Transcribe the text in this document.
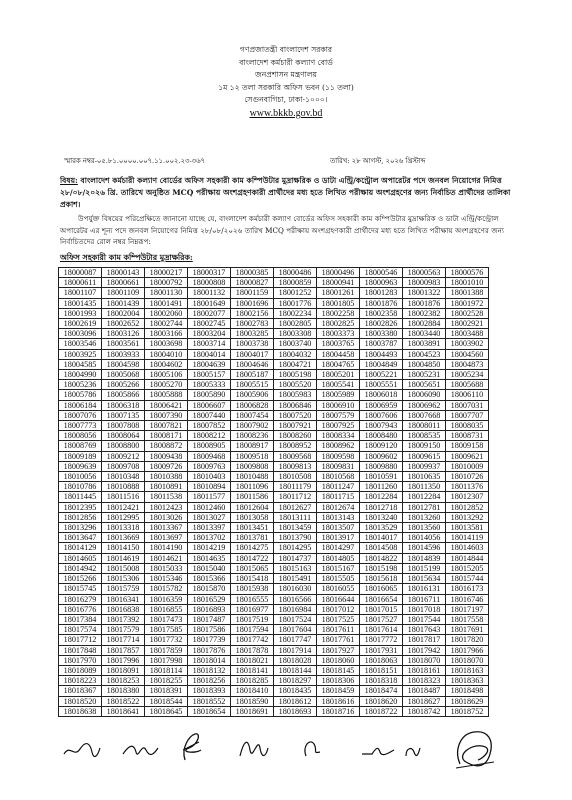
গণপ্রজাতন্ত্রী বাংলাদেশ সরকার
বাংলাদেশ কর্মচারী কল্যাণ বোর্ড
জনপ্রশাসন মন্ত্রণালয়
১ম ১২ তলা সরকারি অফিস ভবন (১১ তলা)
সেগুনবাগিচা, ঢাকা-১০০০।
www.bkkb.gov.bd
স্মারক নম্বর-০৫.৮১.০০০০.০০৭.১১.০০২.২৩-৩৬৭	তারিখ: ২৮ আগস্ট, ২০২৬ খ্রিস্টাব্দ
বিষয়: বাংলাদেশ কর্মচারী কল্যাণ বোর্ডের অফিস সহকারী কাম কম্পিউটার মুদ্রাক্ষরিক ও ডাটা এন্ট্রি/কন্ট্রোল অপারেটর পদে জনবল নিয়োগের নিমিত্ত ২৮/০৮/২০২৬ খ্রি. তারিখে অনুষ্ঠিত MCQ পরীক্ষায় অংশগ্রহণকারী প্রার্থীদের মধ্য হতে লিখিত পরীক্ষায় অংশগ্রহণের জন্য নির্বাচিত প্রার্থীদের তালিকা প্রকাশ।
উপর্যুক্ত বিষয়ের পরিপ্রেক্ষিতে জানানো যাচ্ছে যে, বাংলাদেশ কর্মচারী কল্যাণ বোর্ডের অফিস সহকারী কাম কম্পিউটার মুদ্রাক্ষরিক ও ডাটা এন্ট্রি/কন্ট্রোল অপারেটর এর শূন্য পদে জনবল নিয়োগের নিমিত্ত ২৮/০৮/২০২৬ তারিখ MCQ পরীক্ষায় অংশগ্রহণকারী প্রার্থীদের মধ্য হতে লিখিত পরীক্ষায় অংশগ্রহণের জন্য নির্বাচিতদের রোল নম্বর নিম্নরূপ:
অফিস সহকারী কাম কম্পিউটার মুদ্রাক্ষরিক:
18000087	18000143	18000217	18000317	18000385	18000486	18000496	18000546	18000563	18000576
18000611	18000661	18000792	18000808	18000827	18000859	18000941	18000963	18000983	18001010
18001107	18001109	18001130	18001132	18001159	18001252	18001261	18001283	18001322	18001388
18001435	18001439	18001491	18001649	18001696	18001776	18001805	18001876	18001876	18001972
18001993	18002004	18002060	18002077	18002156	18002234	18002258	18002358	18002382	18002528
18002619	18002652	18002744	18002745	18002783	18002805	18002825	18002826	18002884	18002921
18003096	18003126	18003166	18003204	18003285	18003308	18003373	18003380	18003440	18003488
18003546	18003561	18003698	18003714	18003738	18003740	18003765	18003787	18003891	18003902
18003925	18003933	18004010	18004014	18004017	18004032	18004458	18004493	18004523	18004560
18004585	18004598	18004602	18004639	18004646	18004721	18004765	18004849	18004850	18004873
18004990	18005068	18005106	18005157	18005187	18005198	18005201	18005221	18005231	18005234
18005236	18005266	18005270	18005333	18005515	18005520	18005541	18005551	18005651	18005688
18005786	18005866	18005888	18005890	18005906	18005983	18005989	18006018	18006090	18006110
18006184	18006318	18006421	18006607	18006828	18006846	18006910	18006959	18006962	18007031
18007076	18007135	18007390	18007440	18007454	18007520	18007579	18007606	18007668	18007707
18007773	18007808	18007821	18007852	18007902	18007921	18007925	18007943	18008011	18008035
18008056	18008064	18008171	18008212	18008236	18008260	18008334	18008480	18008535	18008731
18008769	18008800	18008872	18008905	18008917	18008952	18008962	18009120	18009150	18009158
18009189	18009212	18009438	18009468	18009518	18009568	18009598	18009602	18009615	18009621
18009639	18009708	18009726	18009763	18009808	18009813	18009831	18009880	18009937	18010009
18010056	18010348	18010388	18010403	18010488	18010508	18010568	18010591	18010635	18010726
18010786	18010888	18010891	18010894	18011096	18011179	18011247	18011260	18011350	18011376
18011445	18011516	18011538	18011577	18011586	18011712	18011715	18012284	18012284	18012307
18012395	18012421	18012423	18012460	18012604	18012627	18012674	18012718	18012781	18012852
18012856	18012995	18013026	18013027	18013058	18013111	18013143	18013240	18013260	18013292
18013296	18013318	18013367	18013397	18013451	18013459	18013507	18013529	18013560	18013581
18013647	18013669	18013697	18013702	18013781	18013790	18013917	18014017	18014056	18014119
18014129	18014150	18014190	18014219	18014275	18014295	18014297	18014508	18014596	18014603
18014605	18014619	18014621	18014635	18014722	18014737	18014805	18014822	18014839	18014844
18014942	18015008	18015033	18015040	18015065	18015163	18015167	18015198	18015199	18015205
18015266	18015306	18015346	18015366	18015418	18015491	18015505	18015618	18015634	18015744
18015745	18015759	18015782	18015870	18015938	18016030	18016055	18016065	18016131	18016173
18016279	18016341	18016359	18016529	18016555	18016566	18016644	18016654	18016711	18016746
18016776	18016838	18016855	18016893	18016977	18016984	18017012	18017015	18017018	18017197
18017384	18017392	18017473	18017487	18017519	18017524	18017525	18017527	18017544	18017558
18017574	18017579	18017585	18017586	18017594	18017604	18017611	18017614	18017643	18017691
18017712	18017714	18017732	18017739	18017742	18017747	18017761	18017772	18017817	18017820
18017848	18017857	18017859	18017876	18017878	18017914	18017927	18017931	18017942	18017966
18017970	18017996	18017998	18018014	18018021	18018028	18018060	18018063	18018070	18018070
18018089	18018091	18018114	18018132	18018141	18018144	18018145	18018151	18018161	18018163
18018223	18018253	18018255	18018256	18018285	18018297	18018306	18018318	18018323	18018363
18018367	18018380	18018391	18018393	18018410	18018435	18018459	18018474	18018487	18018498
18018520	18018522	18018544	18018552	18018590	18018612	18018616	18018620	18018627	18018629
18018638	18018641	18018645	18018654	18018691	18018693	18018716	18018722	18018742	18018752
